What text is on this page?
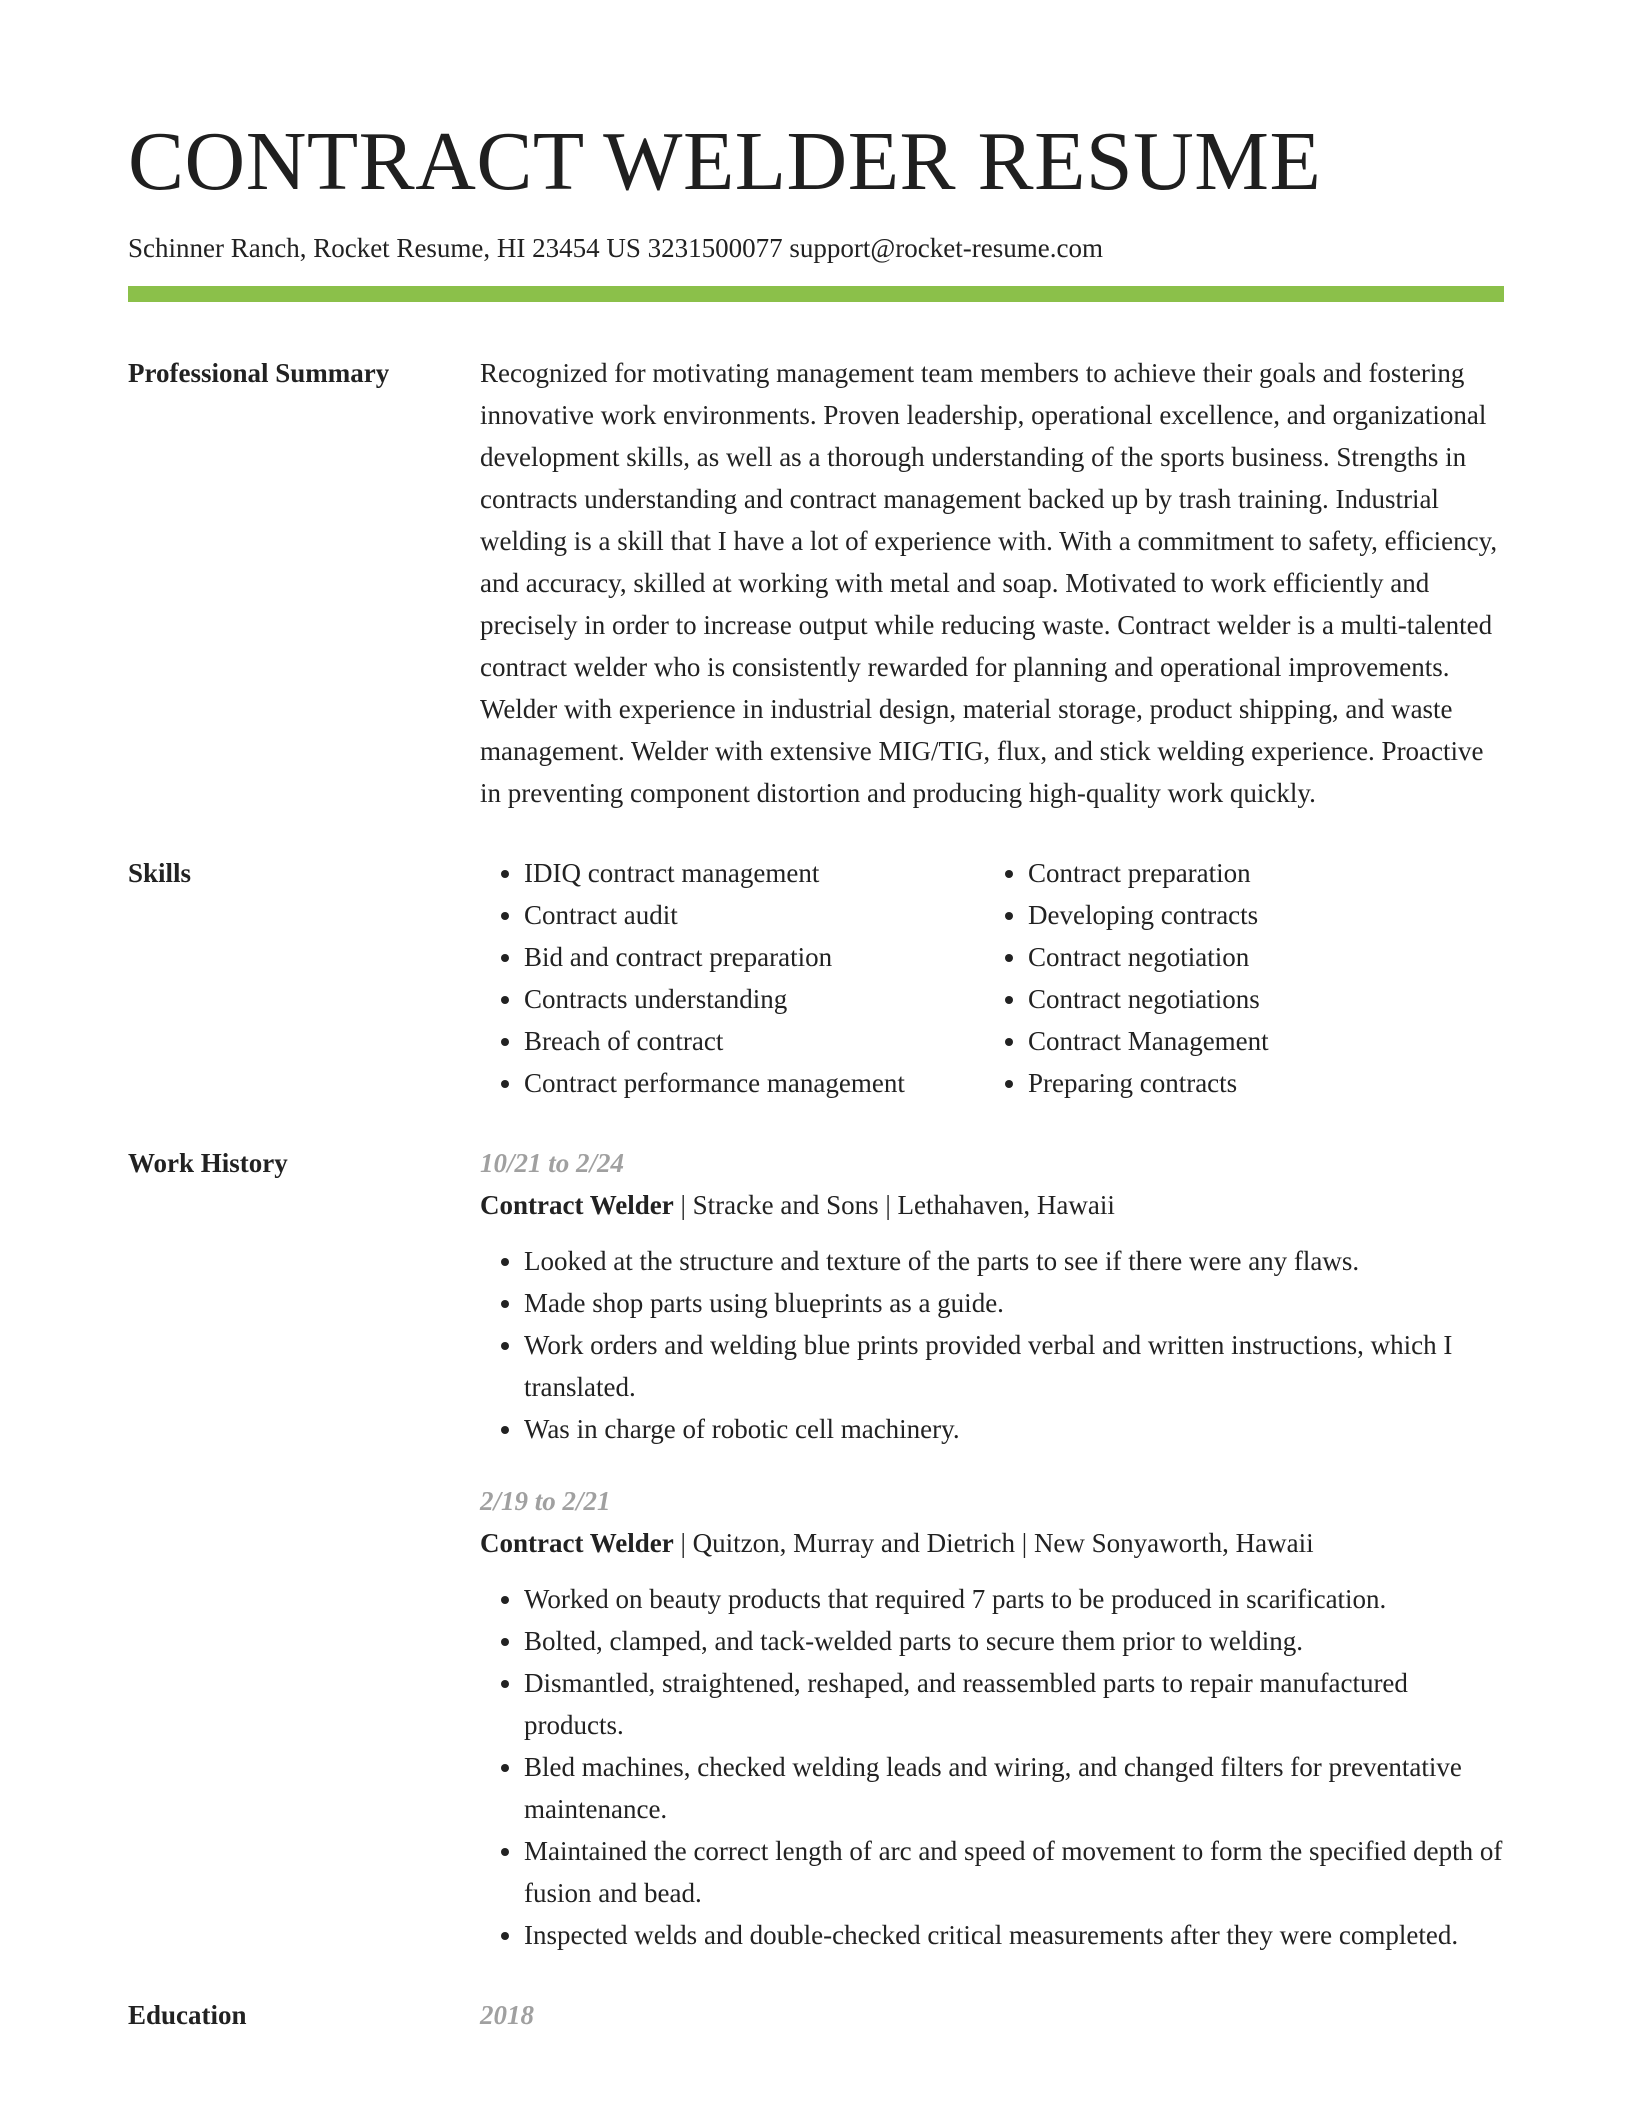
CONTRACT WELDER RESUME
Schinner Ranch, Rocket Resume, HI 23454 US 3231500077 support@rocket-resume.com
Professional Summary	Recognized for motivating management team members to achieve their goals and fostering innovative work environments. Proven leadership, operational excellence, and organizational development skills, as well as a thorough understanding of the sports business. Strengths in contracts understanding and contract management backed up by trash training. Industrial welding is a skill that I have a lot of experience with. With a commitment to safety, efficiency, and accuracy, skilled at working with metal and soap. Motivated to work efficiently and precisely in order to increase output while reducing waste. Contract welder is a multi-talented contract welder who is consistently rewarded for planning and operational improvements. Welder with experience in industrial design, material storage, product shipping, and waste management. Welder with extensive MIG/TIG, flux, and stick welding experience. Proactive in preventing component distortion and producing high-quality work quickly.

Skills	• IDIQ contract management
• Contract audit
• Bid and contract preparation
• Contracts understanding
• Breach of contract
• Contract performance management
• Contract preparation
• Developing contracts
• Contract negotiation
• Contract negotiations
• Contract Management
• Preparing contracts
Work History	10/21 to 2/24
Contract Welder | Stracke and Sons | Lethahaven, Hawaii
• Looked at the structure and texture of the parts to see if there were any flaws.
• Made shop parts using blueprints as a guide.
• Work orders and welding blue prints provided verbal and written instructions, which I translated.
• Was in charge of robotic cell machinery.
2/19 to 2/21
Contract Welder | Quitzon, Murray and Dietrich | New Sonyaworth, Hawaii
• Worked on beauty products that required 7 parts to be produced in scarification.
• Bolted, clamped, and tack-welded parts to secure them prior to welding.
• Dismantled, straightened, reshaped, and reassembled parts to repair manufactured products.
• Bled machines, checked welding leads and wiring, and changed filters for preventative maintenance.
• Maintained the correct length of arc and speed of movement to form the specified depth of fusion and bead.
• Inspected welds and double-checked critical measurements after they were completed.
Education	2018
